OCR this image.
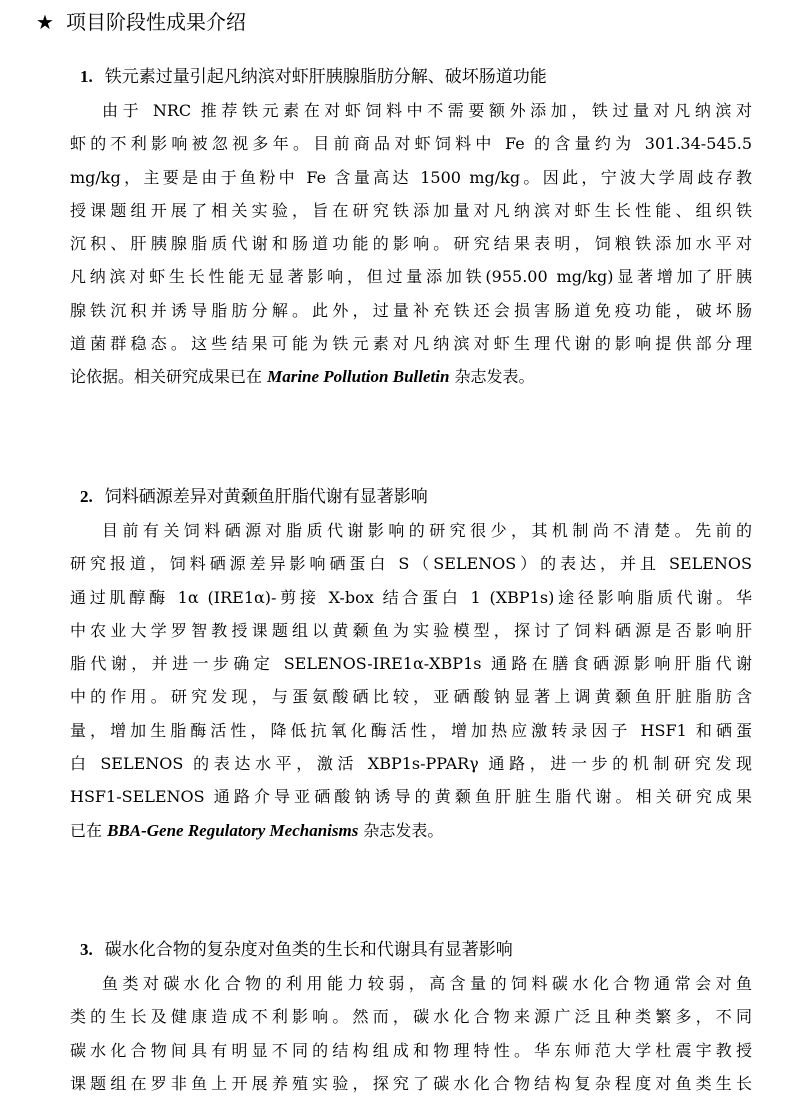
★ 项目阶段性成果介绍
1. 铁元素过量引起凡纳滨对虾肝胰腺脂肪分解、破坏肠道功能
由于 NRC 推荐铁元素在对虾饲料中不需要额外添加，铁过量对凡纳滨对
虾的不利影响被忽视多年。目前商品对虾饲料中 Fe 的含量约为 301.34-545.5
mg/kg，主要是由于鱼粉中 Fe 含量高达 1500 mg/kg。因此，宁波大学周歧存教
授课题组开展了相关实验，旨在研究铁添加量对凡纳滨对虾生长性能、组织铁
沉积、肝胰腺脂质代谢和肠道功能的影响。研究结果表明，饲粮铁添加水平对
凡纳滨对虾生长性能无显著影响，但过量添加铁(955.00 mg/kg)显著增加了肝胰
腺铁沉积并诱导脂肪分解。此外，过量补充铁还会损害肠道免疫功能，破坏肠
道菌群稳态。这些结果可能为铁元素对凡纳滨对虾生理代谢的影响提供部分理
论依据。相关研究成果已在 Marine Pollution Bulletin 杂志发表。
2. 饲料硒源差异对黄颡鱼肝脂代谢有显著影响
目前有关饲料硒源对脂质代谢影响的研究很少，其机制尚不清楚。先前的
研究报道，饲料硒源差异影响硒蛋白 S（SELENOS）的表达，并且 SELENOS
通过肌醇酶 1α (IRE1α)-剪接 X-box 结合蛋白 1 (XBP1s)途径影响脂质代谢。华
中农业大学罗智教授课题组以黄颡鱼为实验模型，探讨了饲料硒源是否影响肝
脂代谢，并进一步确定 SELENOS-IRE1α-XBP1s 通路在膳食硒源影响肝脂代谢
中的作用。研究发现，与蛋氨酸硒比较，亚硒酸钠显著上调黄颡鱼肝脏脂肪含
量，增加生脂酶活性，降低抗氧化酶活性，增加热应激转录因子 HSF1 和硒蛋
白 SELENOS 的表达水平，激活 XBP1s-PPARγ 通路，进一步的机制研究发现
HSF1-SELENOS 通路介导亚硒酸钠诱导的黄颡鱼肝脏生脂代谢。相关研究成果
已在 BBA-Gene Regulatory Mechanisms 杂志发表。
3. 碳水化合物的复杂度对鱼类的生长和代谢具有显著影响
鱼类对碳水化合物的利用能力较弱，高含量的饲料碳水化合物通常会对鱼
类的生长及健康造成不利影响。然而，碳水化合物来源广泛且种类繁多，不同
碳水化合物间具有明显不同的结构组成和物理特性。华东师范大学杜震宇教授
课题组在罗非鱼上开展养殖实验，探究了碳水化合物结构复杂程度对鱼类生长
